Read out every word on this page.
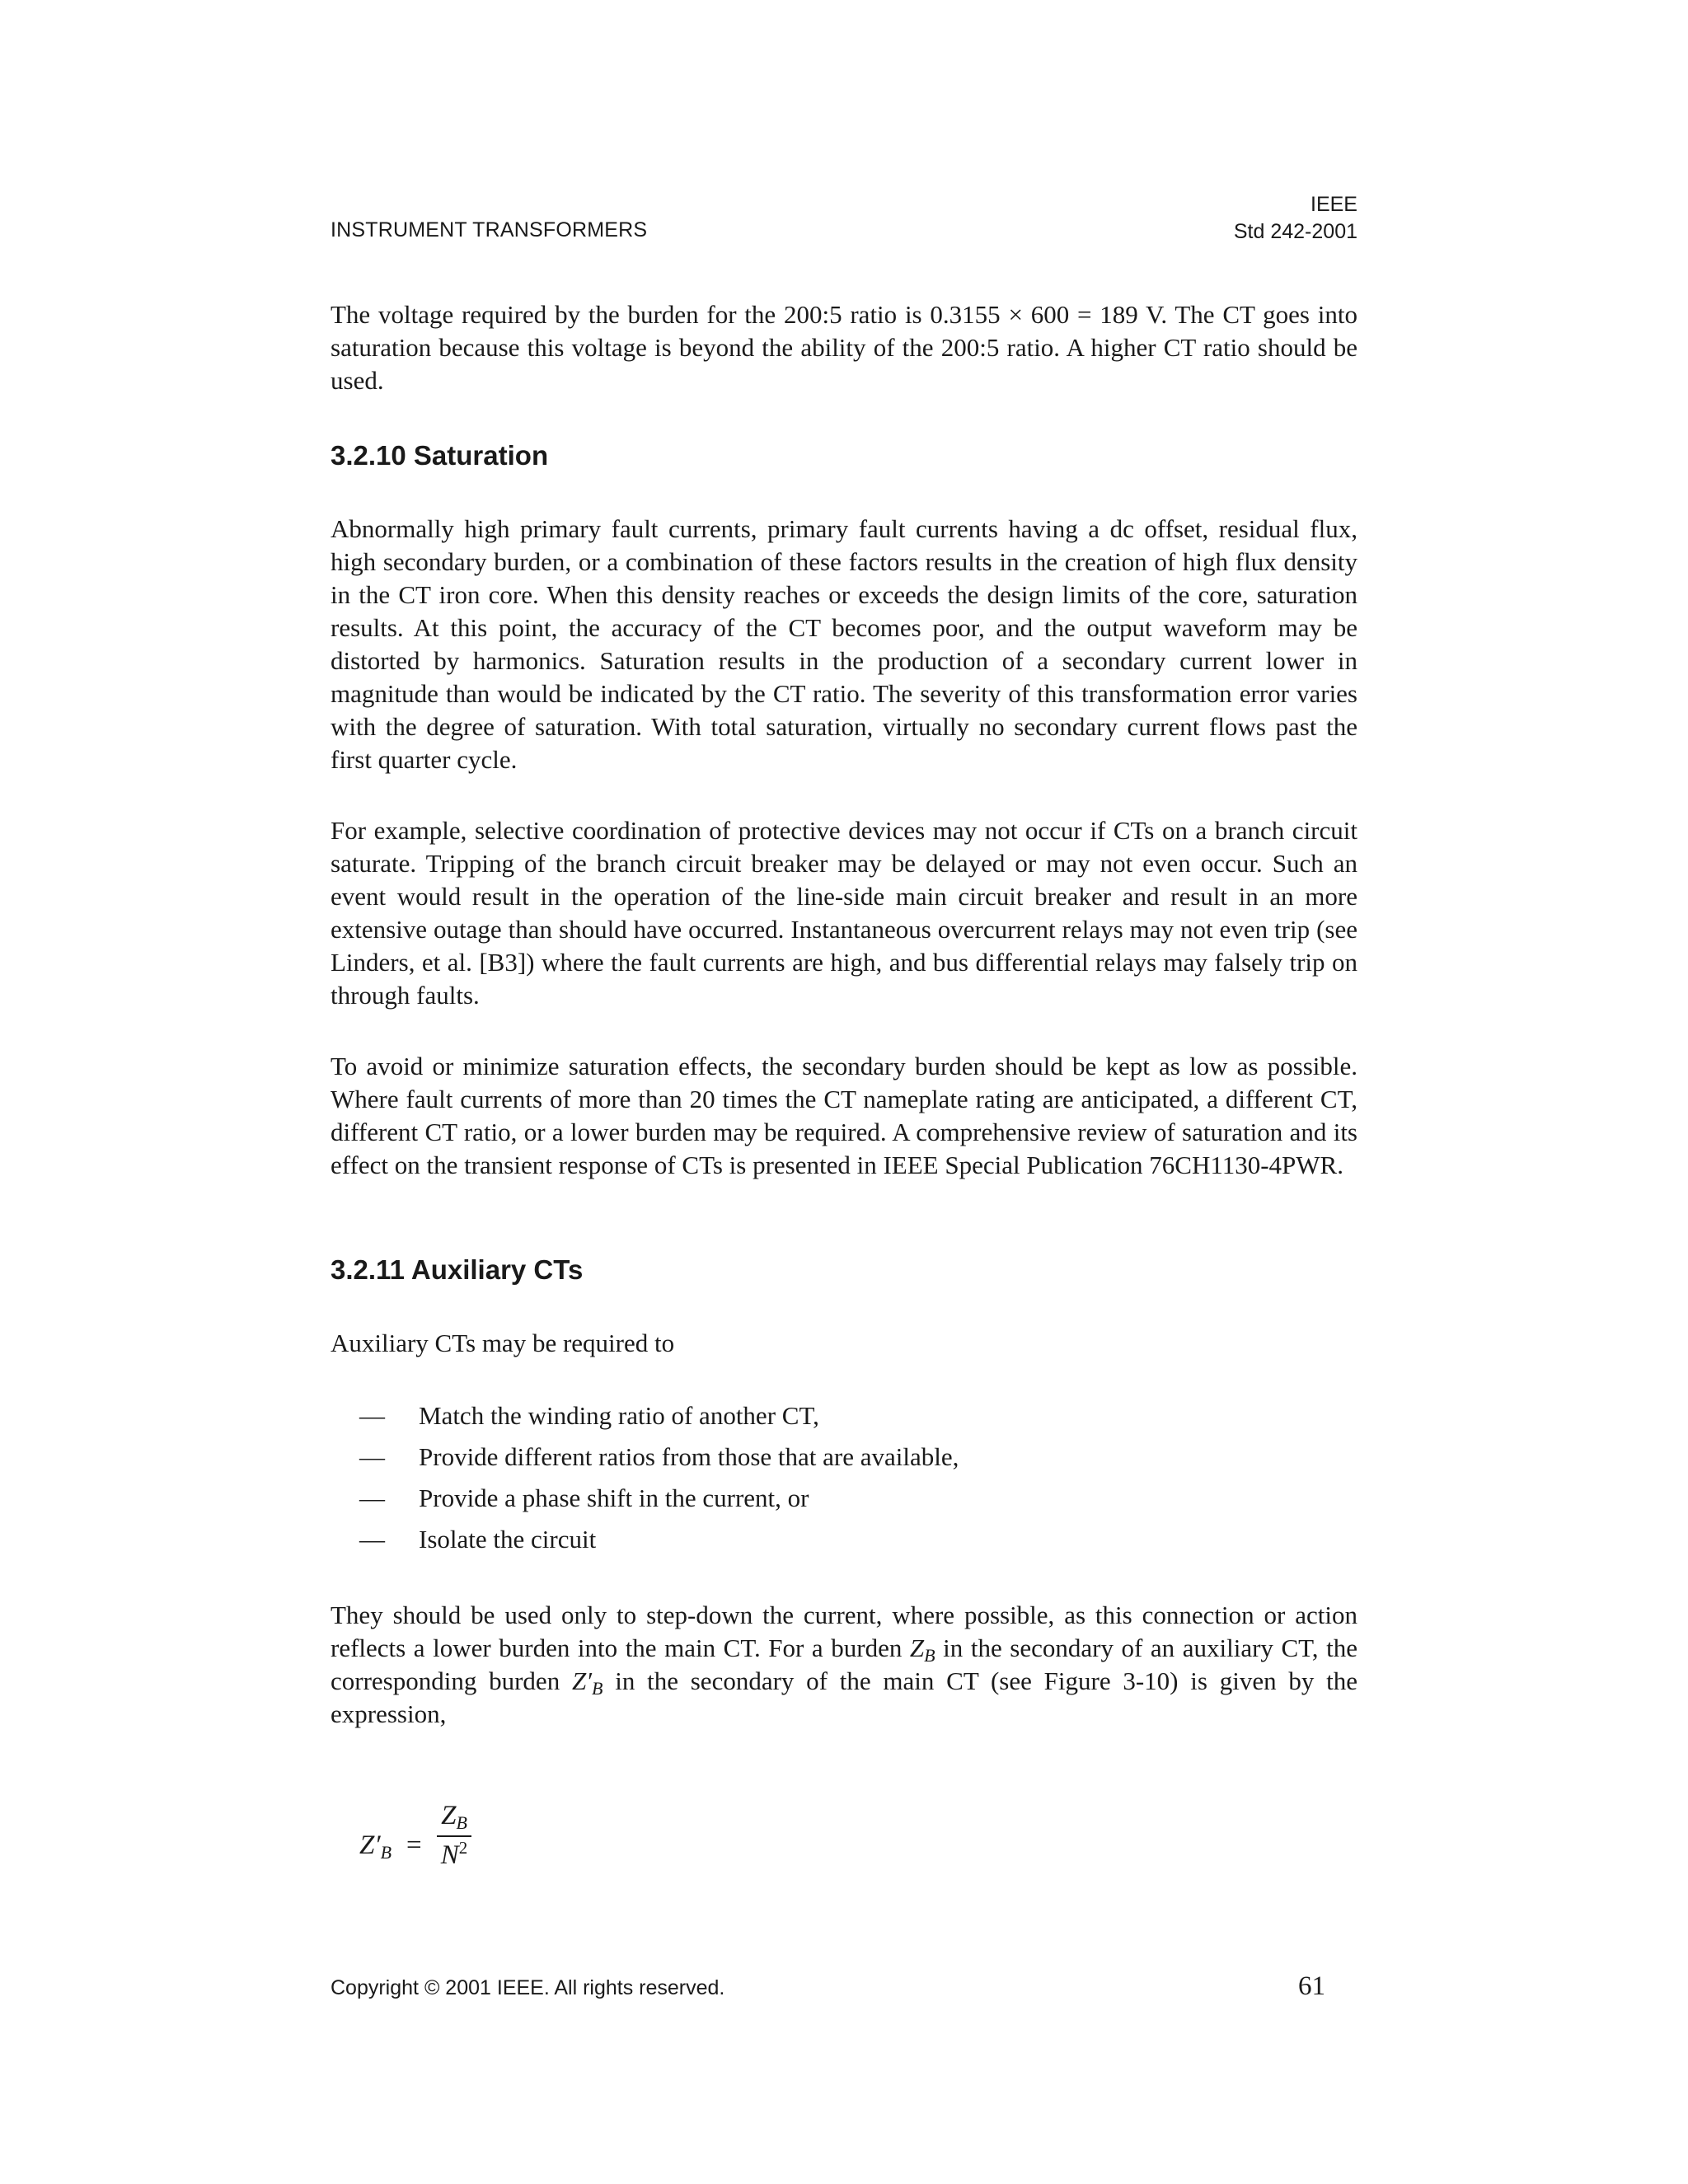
INSTRUMENT TRANSFORMERS
IEEE
Std 242-2001

The voltage required by the burden for the 200:5 ratio is 0.3155 × 600 = 189 V. The CT goes into saturation because this voltage is beyond the ability of the 200:5 ratio. A higher CT ratio should be used.

3.2.10 Saturation

Abnormally high primary fault currents, primary fault currents having a dc offset, residual flux, high secondary burden, or a combination of these factors results in the creation of high flux density in the CT iron core. When this density reaches or exceeds the design limits of the core, saturation results. At this point, the accuracy of the CT becomes poor, and the output waveform may be distorted by harmonics. Saturation results in the production of a secondary current lower in magnitude than would be indicated by the CT ratio. The severity of this transformation error varies with the degree of saturation. With total saturation, virtually no secondary current flows past the first quarter cycle.

For example, selective coordination of protective devices may not occur if CTs on a branch circuit saturate. Tripping of the branch circuit breaker may be delayed or may not even occur. Such an event would result in the operation of the line-side main circuit breaker and result in an more extensive outage than should have occurred. Instantaneous overcurrent relays may not even trip (see Linders, et al. [B3]) where the fault currents are high, and bus differential relays may falsely trip on through faults.

To avoid or minimize saturation effects, the secondary burden should be kept as low as possible. Where fault currents of more than 20 times the CT nameplate rating are anticipated, a different CT, different CT ratio, or a lower burden may be required. A comprehensive review of saturation and its effect on the transient response of CTs is presented in IEEE Special Publication 76CH1130-4PWR.

3.2.11 Auxiliary CTs

Auxiliary CTs may be required to

—	Match the winding ratio of another CT,
—	Provide different ratios from those that are available,
—	Provide a phase shift in the current, or
—	Isolate the circuit

They should be used only to step-down the current, where possible, as this connection or action reflects a lower burden into the main CT. For a burden $Z_B$ in the secondary of an auxiliary CT, the corresponding burden $Z'_B$ in the secondary of the main CT (see Figure 3-10) is given by the expression,

$Z'_B$ =
$Z_B$
$N^2$
Copyright © 2001 IEEE. All rights reserved.	61
